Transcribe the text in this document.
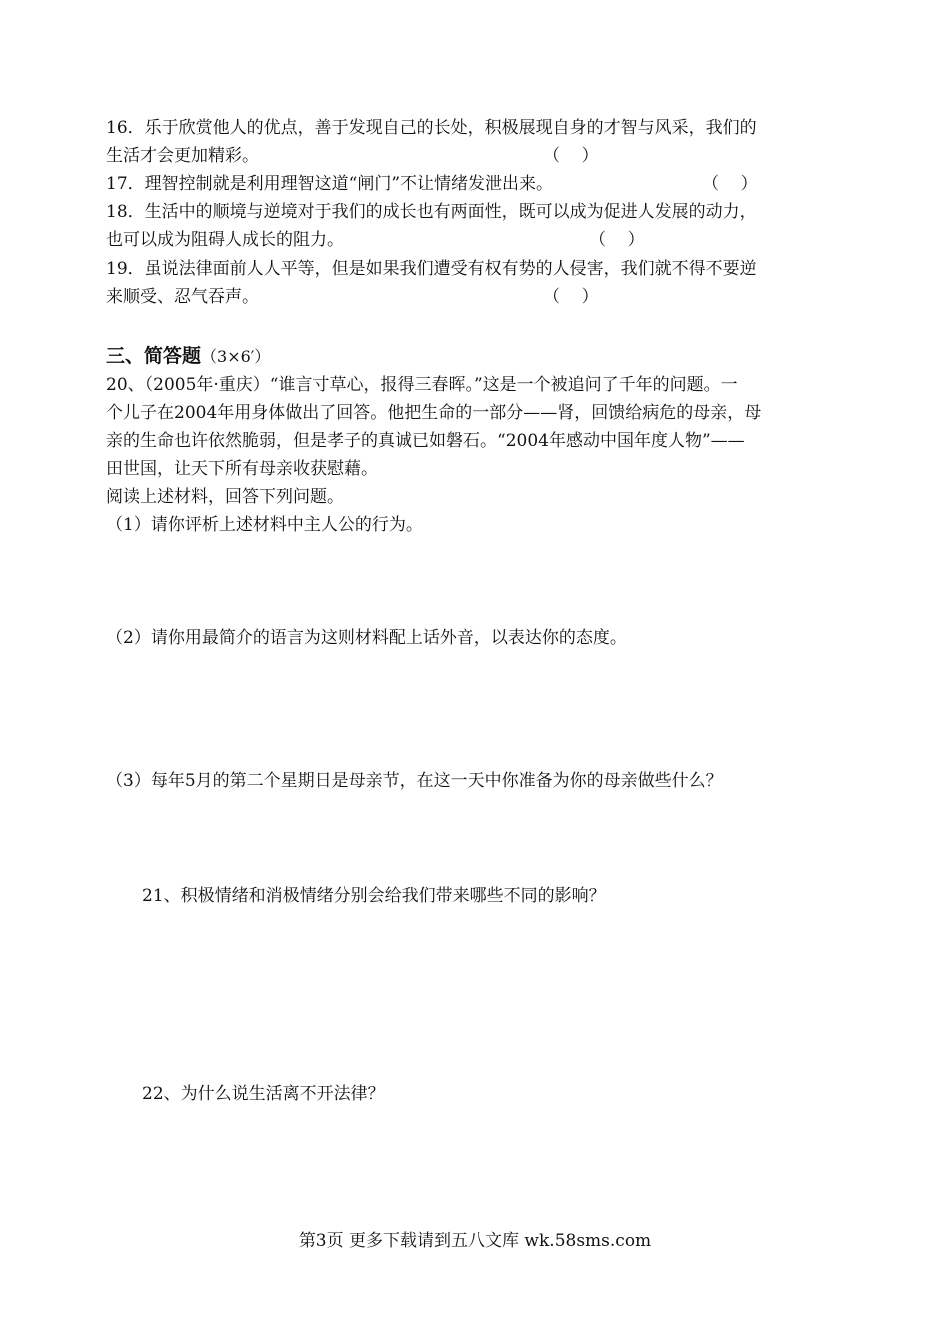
16．乐于欣赏他人的优点，善于发现自己的长处，积极展现自身的才智与风采，我们的
生活才会更加精彩。	（    ）
17．理智控制就是利用理智这道“闸门”不让情绪发泄出来。	（    ）
18．生活中的顺境与逆境对于我们的成长也有两面性，既可以成为促进人发展的动力，
也可以成为阻碍人成长的阻力。	（    ）
19．虽说法律面前人人平等，但是如果我们遭受有权有势的人侵害，我们就不得不要逆
来顺受、忍气吞声。	（    ）
三、简答题（3×6′）
20、（2005年·重庆）“谁言寸草心，报得三春晖。”这是一个被追问了千年的问题。一
个儿子在2004年用身体做出了回答。他把生命的一部分——肾，回馈给病危的母亲，母
亲的生命也许依然脆弱，但是孝子的真诚已如磐石。“2004年感动中国年度人物”——
田世国，让天下所有母亲收获慰藉。
阅读上述材料，回答下列问题。
（1）请你评析上述材料中主人公的行为。
（2）请你用最简介的语言为这则材料配上话外音，以表达你的态度。
（3）每年5月的第二个星期日是母亲节，在这一天中你准备为你的母亲做些什么？
21、积极情绪和消极情绪分别会给我们带来哪些不同的影响？
22、为什么说生活离不开法律？
第3页 更多下载请到五八文库 wk.58sms.com
